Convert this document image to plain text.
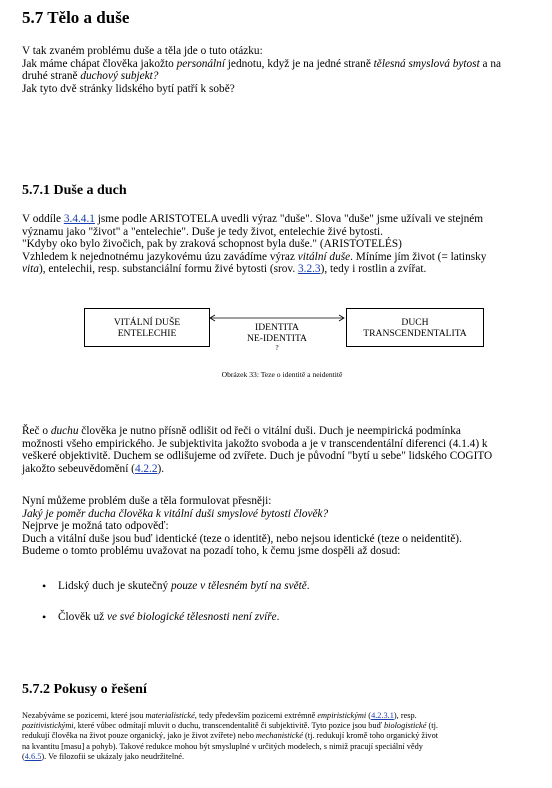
5.7 Tělo a duše
V tak zvaném problému duše a těla jde o tuto otázku:
Jak máme chápat člověka jakožto personální jednotu, když je na jedné straně tělesná smyslová bytost a na
druhé straně duchový subjekt?
Jak tyto dvě stránky lidského bytí patří k sobě?
5.7.1 Duše a duch
V oddíle 3.4.4.1 jsme podle ARISTOTELA uvedli výraz "duše". Slova "duše" jsme užívali ve stejném
významu jako "život" a "entelechie". Duše je tedy život, entelechie živé bytosti.
"Kdyby oko bylo živočich, pak by zraková schopnost byla duše." (ARISTOTELÉS)
Vzhledem k nejednotnému jazykovému úzu zavádíme výraz vitální duše. Míníme jím život (= latinsky
vita), entelechii, resp. substanciální formu živé bytosti (srov. 3.2.3), tedy i rostlin a zvířat.
VITÁLNÍ DUŠE
ENTELECHIE
DUCH
TRANSCENDENTALITA
IDENTITA
NE-IDENTITA
?
Obrázek 33: Teze o identitě a neidentitě
Řeč o duchu člověka je nutno přísně odlišit od řeči o vitální duši. Duch je neempirická podmínka
možnosti všeho empirického. Je subjektivita jakožto svoboda a je v transcendentální diferenci (4.1.4) k
veškeré objektivitě. Duchem se odlišujeme od zvířete. Duch je původní "bytí u sebe" lidského COGITO
jakožto sebeuvědomění (4.2.2).
Nyní můžeme problém duše a těla formulovat přesněji:
Jaký je poměr ducha člověka k vitální duši smyslové bytosti člověk?
Nejprve je možná tato odpověď:
Duch a vitální duše jsou buď identické (teze o identitě), nebo nejsou identické (teze o neidentitě).
Budeme o tomto problému uvažovat na pozadí toho, k čemu jsme dospěli až dosud:
• Lidský duch je skutečný pouze v tělesném bytí na světě.
• Člověk už ve své biologické tělesnosti není zvíře.
5.7.2 Pokusy o řešení
Nezabýváme se pozicemi, které jsou materialistické, tedy především pozicemi extrémně empiristickými (4.2.3.1), resp.
pozitivistickými, které vůbec odmítají mluvit o duchu, transcendentalitě či subjektivitě. Tyto pozice jsou buď biologistické (tj.
redukují člověka na život pouze organický, jako je život zvířete) nebo mechanistické (tj. redukují kromě toho organický život
na kvantitu [masu] a pohyb). Takové redukce mohou být smysluplné v určitých modelech, s nimiž pracují speciální vědy
(4.6.5). Ve filozofii se ukázaly jako neudržitelné.
